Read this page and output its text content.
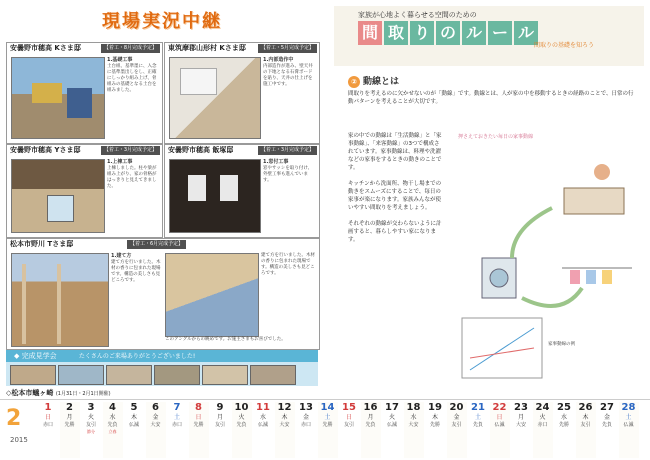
現場実況中継
安曇野市穂高 Kさま邸	【着工・8月完成予定】
1.基礎工事
土台組、基準墨に、入念に基準墨出しをし、正確にしっかり組み上げ、骨組みの基礎となる土台を組みました。
東筑摩郡山形村 Kさま邸	【着工・5月完成予定】
1.内部造作中
内部造作が進み、壁天井の下地となる石膏ボードを貼り、天井の仕上げを施工中です。
安曇野市穂高 Yさま邸	【着工・3月完成予定】
1.上棟工事
上棟しました。柱や梁が組み上がり、家の骨格がはっきりと見えてきました。
安曇野市穂高 飯塚邸	【着工・3月完成予定】
1.窓付工事
窓やサッシを取り付け、外壁工事も進んでいます。
松本市野川 Tさま邸	【着工・6月完成予定】
1.建て方
建て方を行いました。木材の香りに包まれた現場です。構造の美しさも見どころです。
このアングルからの眺めです。お施主さまもお喜びでした。
建て方を行いました。木材の香りに包まれた現場です。構造の美しさも見どころです。
◆ 完成見学会	たくさんのご来場ありがとうございました!
◇松本市蟻ヶ崎 (1月31日・2月1日開催)
家族が心地よく暮らせる空間のための
間 取 り の ル ー ル
間取りの基礎を知ろう
② 動線とは
間取りを考えるのに欠かせないのが「動線」です。動線とは、人が家の中を移動するときの経路のことで、日常の行動パターンを考えることが大切です。
家の中での動線は「生活動線」と「家事動線」、「来客動線」の3つで構成されています。家事動線は、料理や洗濯などの家事をするときの動きのことです。

キッチンから洗面所、物干し場までの動きをスムーズにすることで、毎日の家事が楽になります。家族みんなが使いやすい間取りを考えましょう。

それぞれの動線が交わらないように計画すると、暮らしやすい家になります。
押さえておきたい毎日の家事動線
家事動線の例
2
2015
1
日
赤口
2
月
先勝
3
火
友引
節分
4
水
先負
立春
5
木
仏滅
6
金
大安
7
土
赤口
8
日
先勝
9
月
友引
10
火
先負
11
水
仏滅
12
木
大安
13
金
赤口
14
土
先勝
15
日
友引
16
月
先負
17
火
仏滅
18
水
大安
19
木
先勝
20
金
友引
21
土
先負
22
日
仏滅
23
月
大安
24
火
赤口
25
水
先勝
26
木
友引
27
金
先負
28
土
仏滅
